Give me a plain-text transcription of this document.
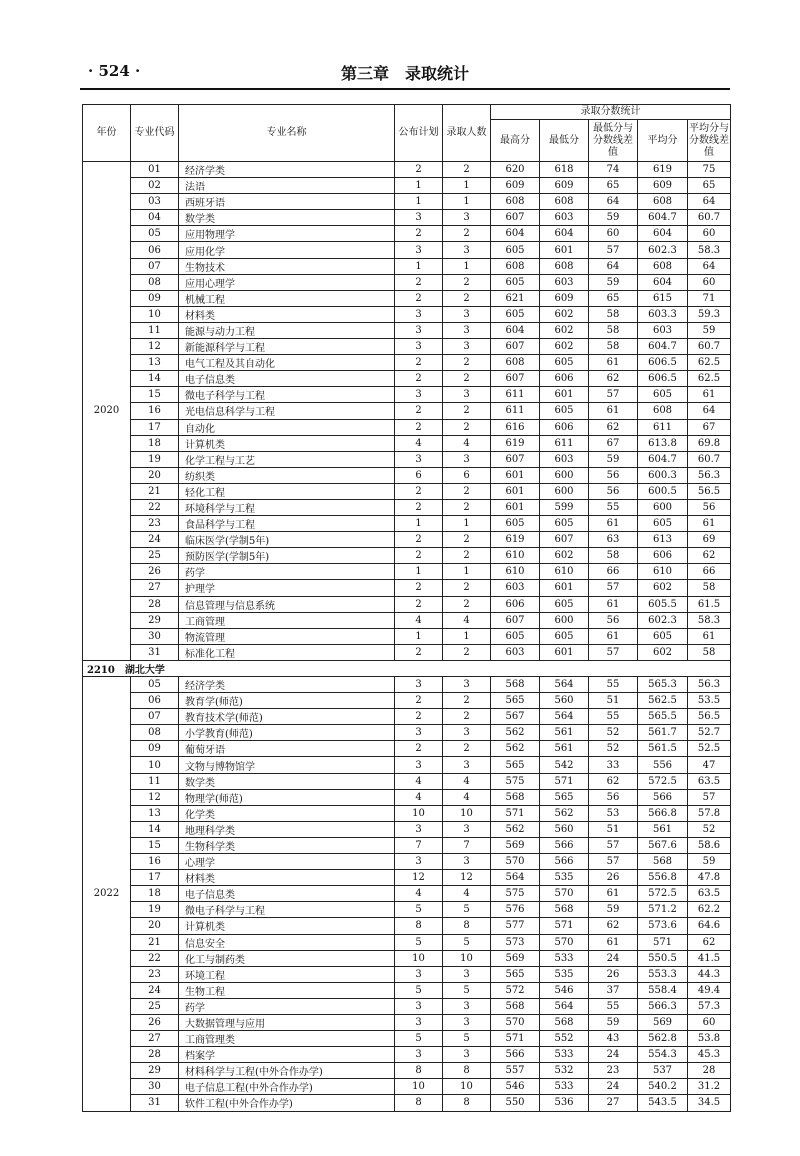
· 524 ·	第三章　录取统计
年份	专业代码	专业名称	公布计划	录取人数	录取分数统计				
					最高分	最低分	最低分与分数线差值	平均分	平均分与分数线差值
2020	01	经济学类	2	2	620	618	74	619	75
	02	法语	1	1	609	609	65	609	65
	03	西班牙语	1	1	608	608	64	608	64
	04	数学类	3	3	607	603	59	604.7	60.7
	05	应用物理学	2	2	604	604	60	604	60
	06	应用化学	3	3	605	601	57	602.3	58.3
	07	生物技术	1	1	608	608	64	608	64
	08	应用心理学	2	2	605	603	59	604	60
	09	机械工程	2	2	621	609	65	615	71
	10	材料类	3	3	605	602	58	603.3	59.3
	11	能源与动力工程	3	3	604	602	58	603	59
	12	新能源科学与工程	3	3	607	602	58	604.7	60.7
	13	电气工程及其自动化	2	2	608	605	61	606.5	62.5
	14	电子信息类	2	2	607	606	62	606.5	62.5
	15	微电子科学与工程	3	3	611	601	57	605	61
	16	光电信息科学与工程	2	2	611	605	61	608	64
	17	自动化	2	2	616	606	62	611	67
	18	计算机类	4	4	619	611	67	613.8	69.8
	19	化学工程与工艺	3	3	607	603	59	604.7	60.7
	20	纺织类	6	6	601	600	56	600.3	56.3
	21	轻化工程	2	2	601	600	56	600.5	56.5
	22	环境科学与工程	2	2	601	599	55	600	56
	23	食品科学与工程	1	1	605	605	61	605	61
	24	临床医学(学制5年)	2	2	619	607	63	613	69
	25	预防医学(学制5年)	2	2	610	602	58	606	62
	26	药学	1	1	610	610	66	610	66
	27	护理学	2	2	603	601	57	602	58
	28	信息管理与信息系统	2	2	606	605	61	605.5	61.5
	29	工商管理	4	4	607	600	56	602.3	58.3
	30	物流管理	1	1	605	605	61	605	61
	31	标准化工程	2	2	603	601	57	602	58
2210　湖北大学									
2022	05	经济学类	3	3	568	564	55	565.3	56.3
	06	教育学(师范)	2	2	565	560	51	562.5	53.5
	07	教育技术学(师范)	2	2	567	564	55	565.5	56.5
	08	小学教育(师范)	3	3	562	561	52	561.7	52.7
	09	葡萄牙语	2	2	562	561	52	561.5	52.5
	10	文物与博物馆学	3	3	565	542	33	556	47
	11	数学类	4	4	575	571	62	572.5	63.5
	12	物理学(师范)	4	4	568	565	56	566	57
	13	化学类	10	10	571	562	53	566.8	57.8
	14	地理科学类	3	3	562	560	51	561	52
	15	生物科学类	7	7	569	566	57	567.6	58.6
	16	心理学	3	3	570	566	57	568	59
	17	材料类	12	12	564	535	26	556.8	47.8
	18	电子信息类	4	4	575	570	61	572.5	63.5
	19	微电子科学与工程	5	5	576	568	59	571.2	62.2
	20	计算机类	8	8	577	571	62	573.6	64.6
	21	信息安全	5	5	573	570	61	571	62
	22	化工与制药类	10	10	569	533	24	550.5	41.5
	23	环境工程	3	3	565	535	26	553.3	44.3
	24	生物工程	5	5	572	546	37	558.4	49.4
	25	药学	3	3	568	564	55	566.3	57.3
	26	大数据管理与应用	3	3	570	568	59	569	60
	27	工商管理类	5	5	571	552	43	562.8	53.8
	28	档案学	3	3	566	533	24	554.3	45.3
	29	材料科学与工程(中外合作办学)	8	8	557	532	23	537	28
	30	电子信息工程(中外合作办学)	10	10	546	533	24	540.2	31.2
	31	软件工程(中外合作办学)	8	8	550	536	27	543.5	34.5
